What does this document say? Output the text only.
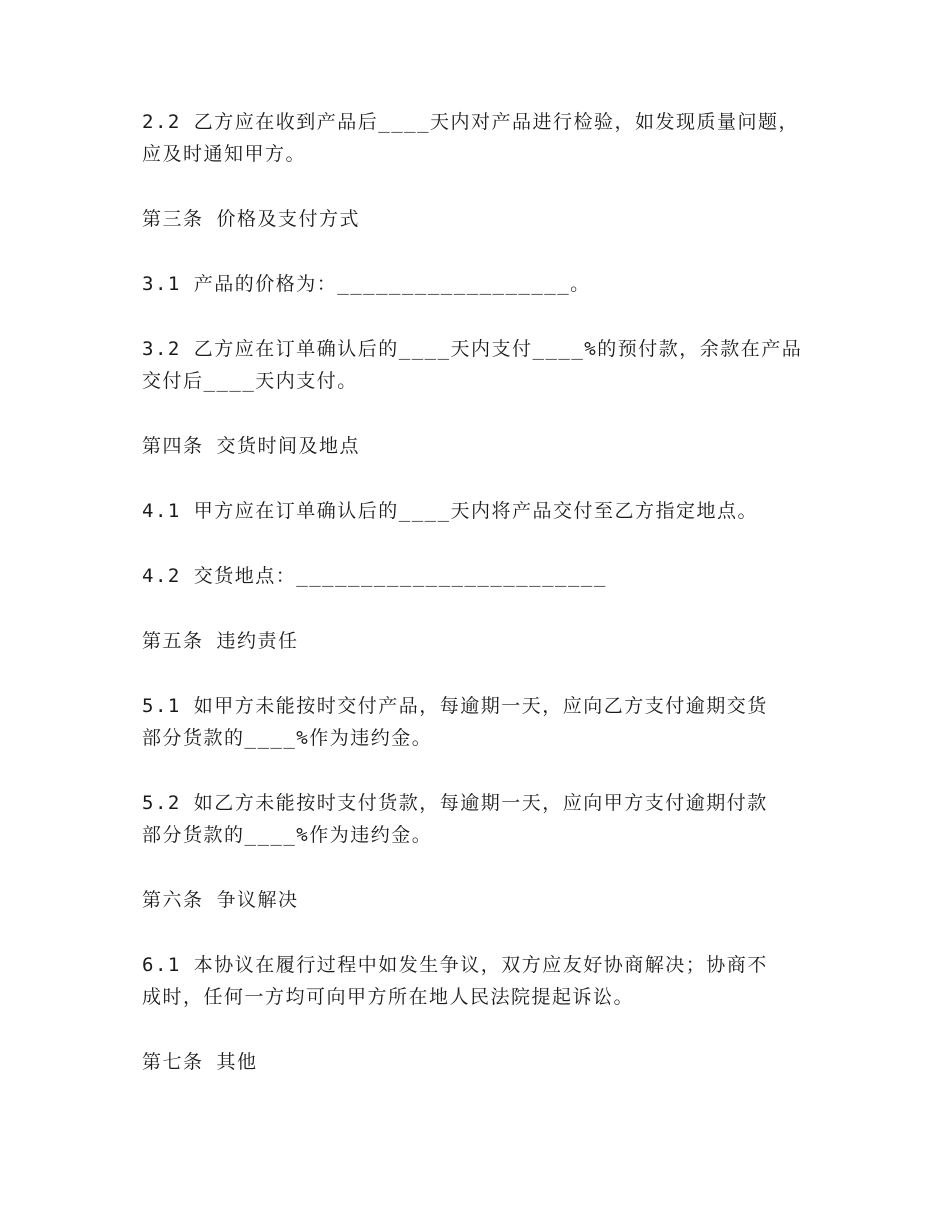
2.2 乙方应在收到产品后____天内对产品进行检验，如发现质量问题，
应及时通知甲方。

第三条 价格及支付方式

3.1 产品的价格为：__________________。

3.2 乙方应在订单确认后的____天内支付____%的预付款，余款在产品
交付后____天内支付。

第四条 交货时间及地点

4.1 甲方应在订单确认后的____天内将产品交付至乙方指定地点。

4.2 交货地点：________________________

第五条 违约责任

5.1 如甲方未能按时交付产品，每逾期一天，应向乙方支付逾期交货
部分货款的____%作为违约金。

5.2 如乙方未能按时支付货款，每逾期一天，应向甲方支付逾期付款
部分货款的____%作为违约金。

第六条 争议解决

6.1 本协议在履行过程中如发生争议，双方应友好协商解决；协商不
成时，任何一方均可向甲方所在地人民法院提起诉讼。

第七条 其他
